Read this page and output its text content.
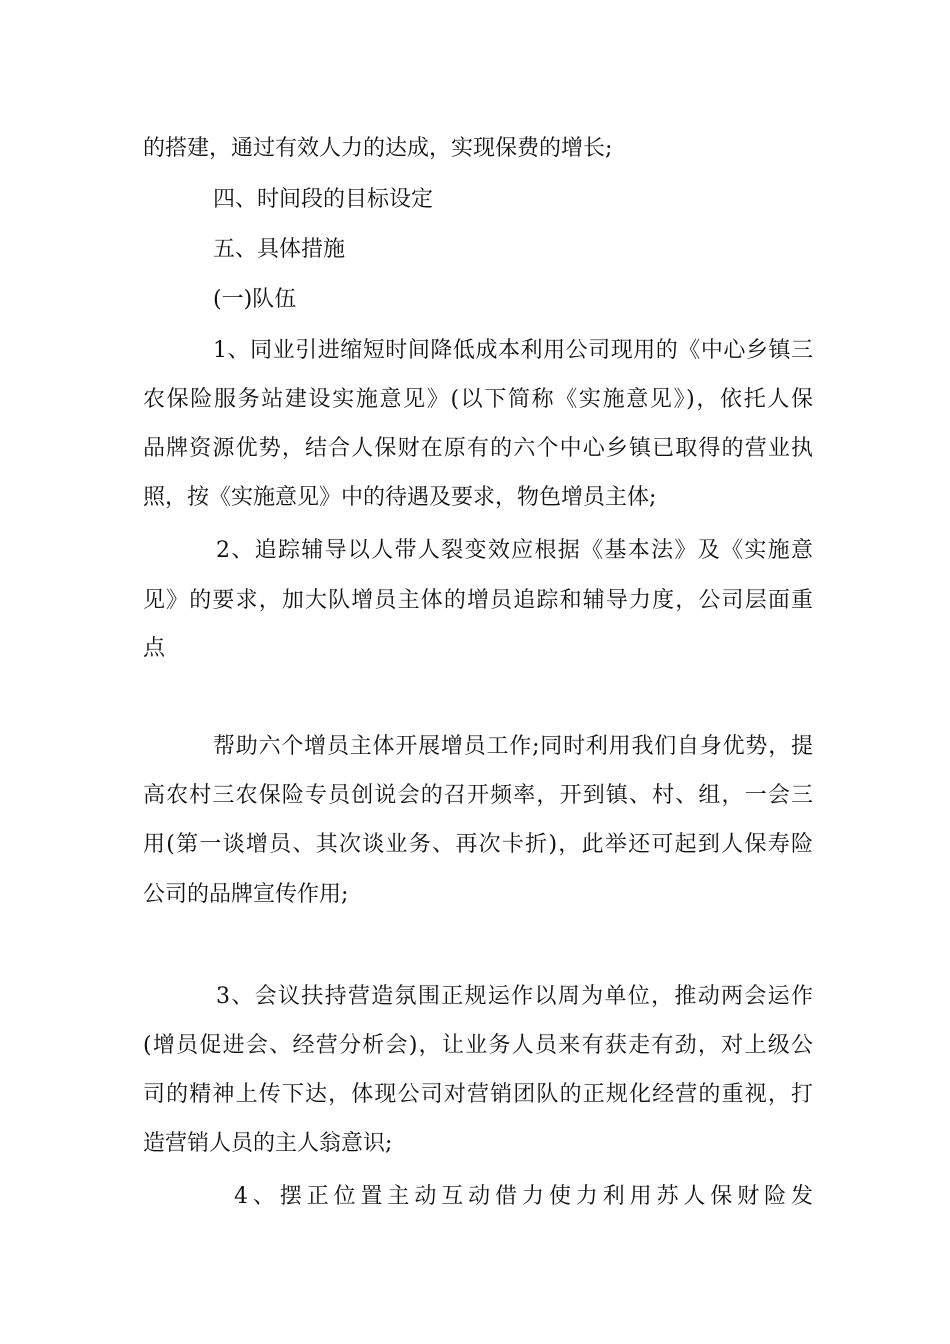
的搭建，通过有效人力的达成，实现保费的增长;
四、时间段的目标设定
五、具体措施
(一)队伍
1、同业引进缩短时间降低成本利用公司现用的《中心乡镇三
农保险服务站建设实施意见》(以下简称《实施意见》)，依托人保
品牌资源优势，结合人保财在原有的六个中心乡镇已取得的营业执
照，按《实施意见》中的待遇及要求，物色增员主体;
2、追踪辅导以人带人裂变效应根据《基本法》及《实施意
见》的要求，加大队增员主体的增员追踪和辅导力度，公司层面重
点
帮助六个增员主体开展增员工作;同时利用我们自身优势，提
高农村三农保险专员创说会的召开频率，开到镇、村、组，一会三
用(第一谈增员、其次谈业务、再次卡折)，此举还可起到人保寿险
公司的品牌宣传作用;
3、会议扶持营造氛围正规运作以周为单位，推动两会运作
(增员促进会、经营分析会)，让业务人员来有获走有劲，对上级公
司的精神上传下达，体现公司对营销团队的正规化经营的重视，打
造营销人员的主人翁意识;
4、摆正位置主动互动借力使力利用苏人保财险发
